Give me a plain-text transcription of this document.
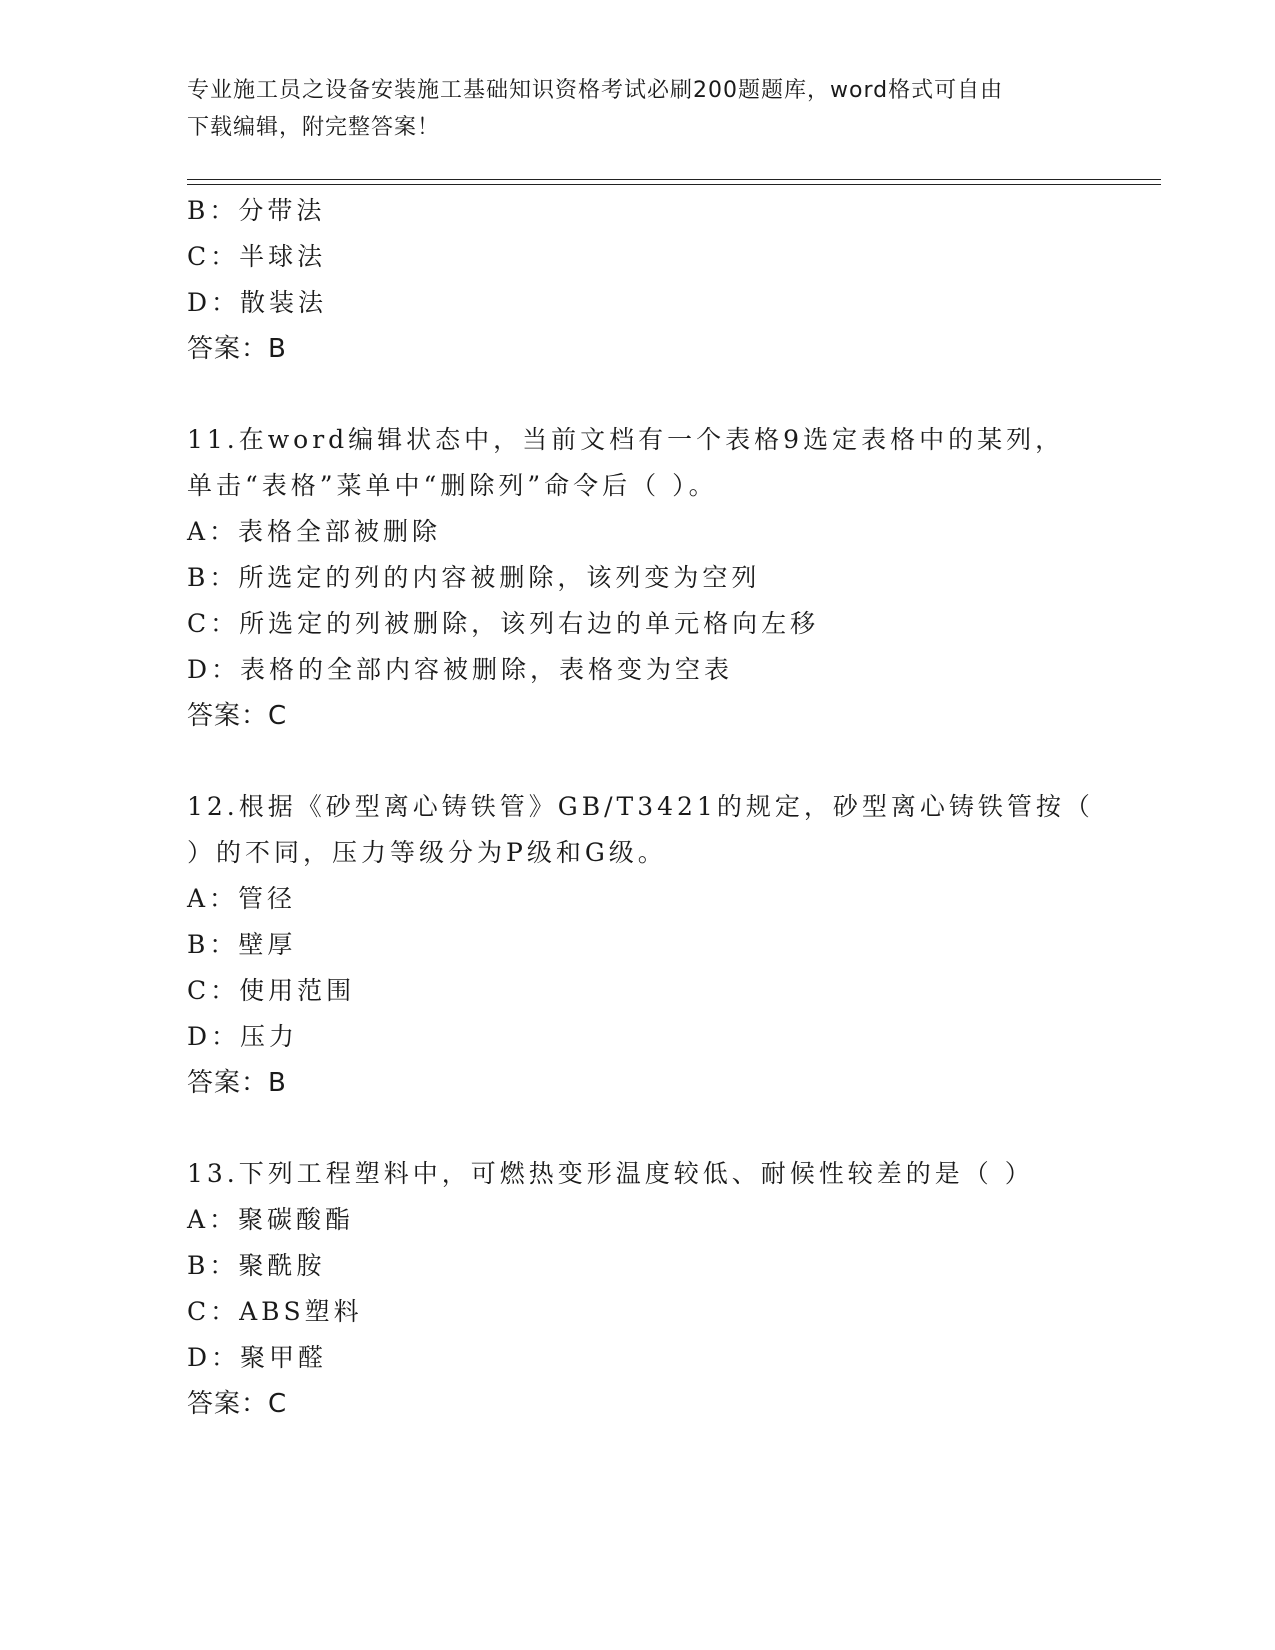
专业施工员之设备安装施工基础知识资格考试必刷200题题库，word格式可自由
下载编辑，附完整答案！
B：分带法
C：半球法
D：散装法
答案：B
11.在word编辑状态中，当前文档有一个表格9选定表格中的某列，
单击“表格”菜单中“删除列”命令后（ ）。
A：表格全部被删除
B：所选定的列的内容被删除，该列变为空列
C：所选定的列被删除，该列右边的单元格向左移
D：表格的全部内容被删除，表格变为空表
答案：C
12.根据《砂型离心铸铁管》GB/T3421的规定，砂型离心铸铁管按（
）的不同，压力等级分为P级和G级。
A：管径
B：壁厚
C：使用范围
D：压力
答案：B
13.下列工程塑料中，可燃热变形温度较低、耐候性较差的是（ ）
A：聚碳酸酯
B：聚酰胺
C：ABS塑料
D：聚甲醛
答案：C
